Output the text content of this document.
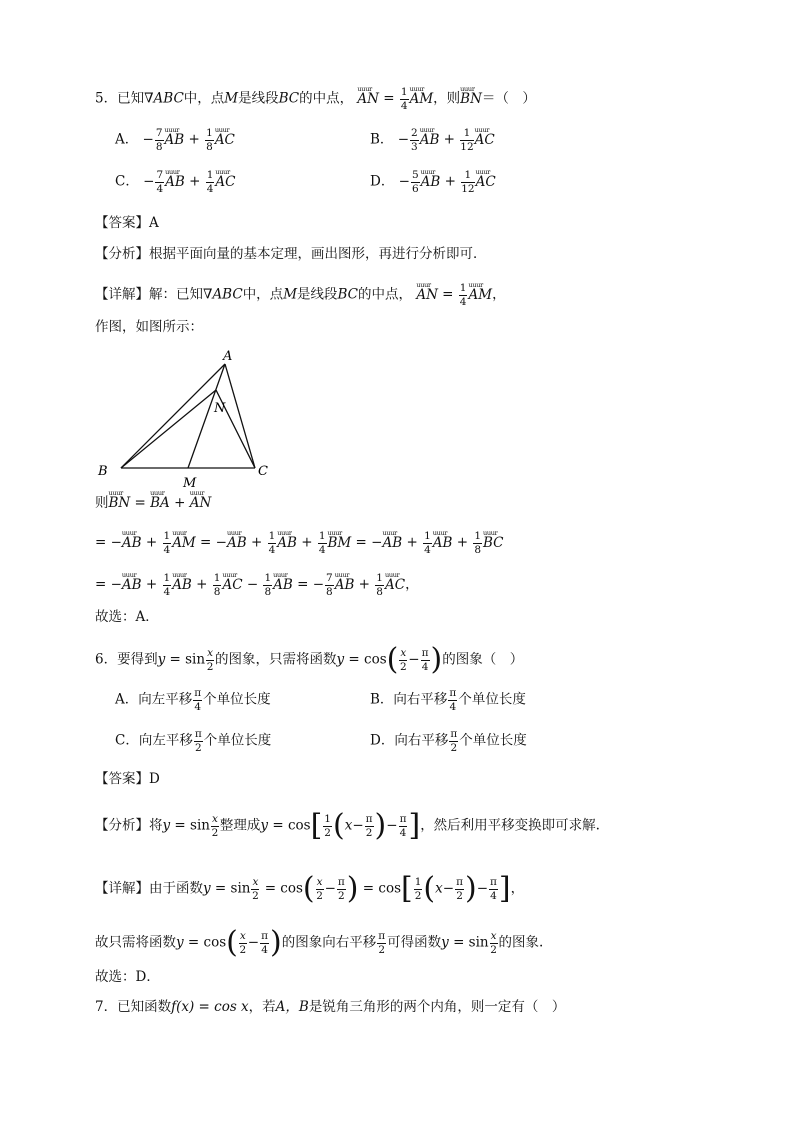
5．已知∇ABC中，点M是线段BC的中点， uuur AN = $\frac{1}{4}$ uuur AM，则uuur BN＝（　）
A． − $\frac{7}{8}$ uuur AB + $\frac{1}{8}$ uuur AC	B． − $\frac{2}{3}$ uuur AB + $\frac{1}{12}$ uuur AC
C． − $\frac{7}{4}$ uuur AB + $\frac{1}{4}$ uuur AC	D． − $\frac{5}{6}$ uuur AB + $\frac{1}{12}$ uuur AC
【答案】A
【分析】根据平面向量的基本定理，画出图形，再进行分析即可．
【详解】解：已知∇ABC中，点M是线段BC的中点， uuur AN = $\frac{1}{4}$ uuur AM，
作图，如图所示：
A
B	C
M
N
则uuur BN = uuur BA + uuur AN
= −uuur AB + $\frac{1}{4}$ uuur AM = −uuur AB + $\frac{1}{4}$ uuur AB + $\frac{1}{4}$ uuur BM = −uuur AB + $\frac{1}{4}$ uuur AB + $\frac{1}{8}$ uuur BC
= −uuur AB + $\frac{1}{4}$ uuur AB + $\frac{1}{8}$ uuur AC − $\frac{1}{8}$ uuur AB = − $\frac{7}{8}$ uuur AB + $\frac{1}{8}$ uuur AC，
故选：A．
6．要得到$y = \sin \frac{x}{2}$ 的图象，只需将函数$y = \cos( \frac{x}{2} - \frac{\pi}{4}$ )的图象（　）
A．向左平移 $\frac{\pi}{4}$ 个单位长度	B．向右平移 $\frac{\pi}{4}$ 个单位长度
C．向左平移 $\frac{\pi}{2}$ 个单位长度	D．向右平移 $\frac{\pi}{2}$ 个单位长度
【答案】D
【分析】将$y = \sin \frac{x}{2}$ 整理成$y = \cos[ \frac{1}{2} (x- \frac{\pi}{2}$ )− $\frac{\pi}{4}$ ]，然后利用平移变换即可求解.
【详解】由于函数$y = \sin \frac{x}{2} = \cos( \frac{x}{2} - \frac{\pi}{2}$ ) = $\cos[ \frac{1}{2} (x- \frac{\pi}{2}$ )− $\frac{\pi}{4}$ ]，
故只需将函数$y = \cos( \frac{x}{2} - \frac{\pi}{4}$ )的图象向右平移 $\frac{\pi}{2}$ 可得函数$y = \sin \frac{x}{2}$ 的图象.
故选：D．
7．已知函数f(x) = cos x，若A，B是锐角三角形的两个内角，则一定有（　）
